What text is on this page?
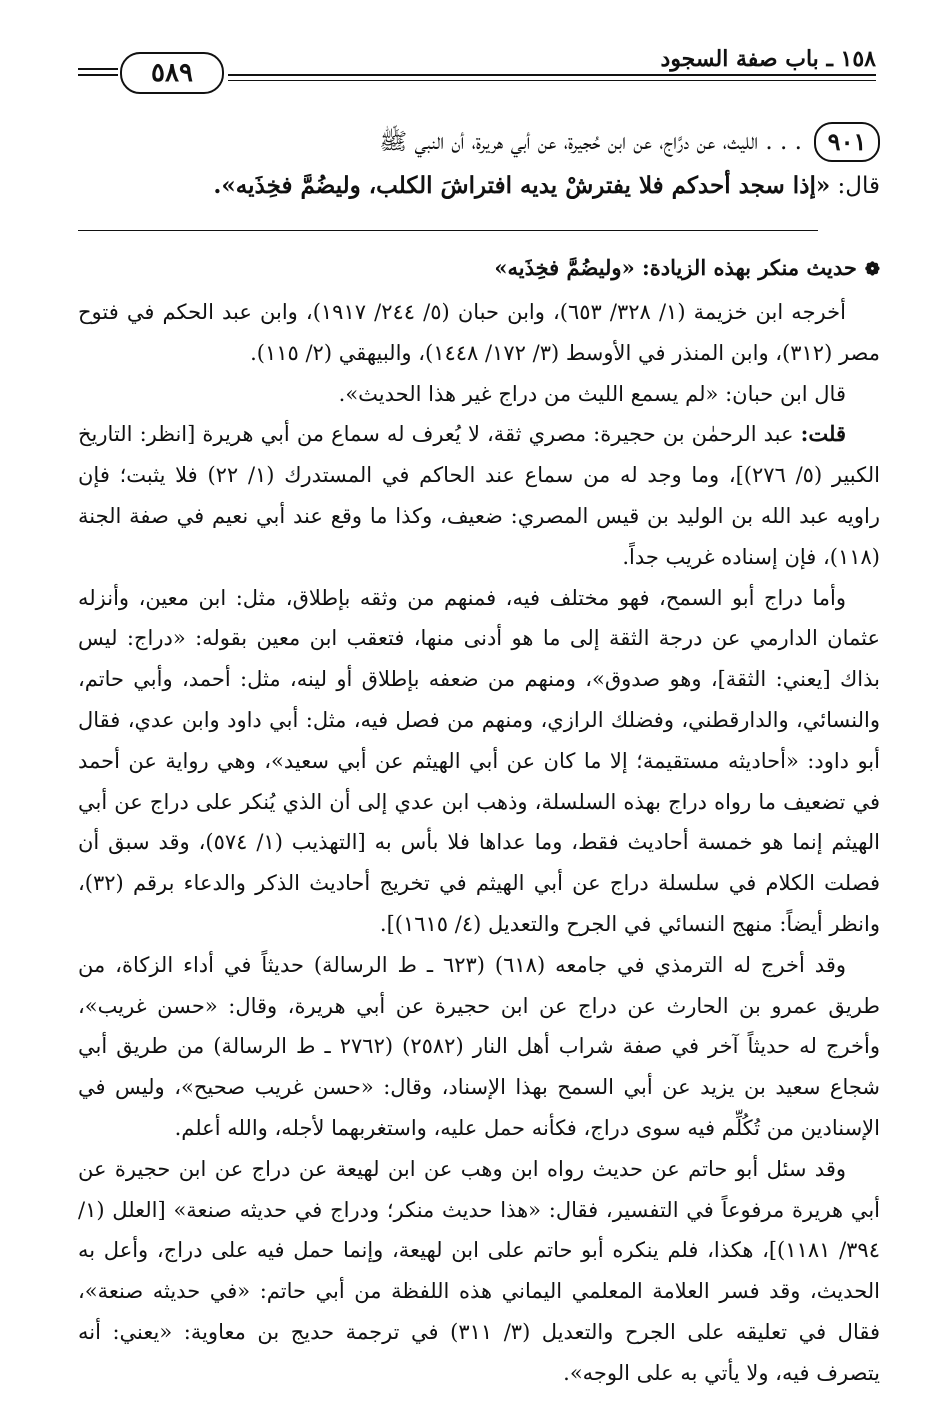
٥٨٩	١٥٨ ـ باب صفة السجود
٩٠١
. . . الليث، عن درَّاج، عن ابن حُجيرة، عن أبي هريرة، أن النبي ﷺ
قال: «إذا سجد أحدكم فلا يفترشْ يديه افتراشَ الكلب، وليضُمَّ فخِذَيه».

❁حديث منكر بهذه الزيادة: «وليضُمَّ فخِذَيه»

أخرجه ابن خزيمة (١/ ٣٢٨/ ٦٥٣)، وابن حبان (٥/ ٢٤٤/ ١٩١٧)، وابن عبد الحكم في فتوح مصر (٣١٢)، وابن المنذر في الأوسط (٣/ ١٧٢/ ١٤٤٨)، والبيهقي (٢/ ١١٥).

قال ابن حبان: «لم يسمع الليث من دراج غير هذا الحديث».

قلت: عبد الرحمٰن بن حجيرة: مصري ثقة، لا يُعرف له سماع من أبي هريرة [انظر: التاريخ الكبير (٥/ ٢٧٦)]، وما وجد له من سماع عند الحاكم في المستدرك (١/ ٢٢) فلا يثبت؛ فإن راويه عبد الله بن الوليد بن قيس المصري: ضعيف، وكذا ما وقع عند أبي نعيم في صفة الجنة (١١٨)، فإن إسناده غريب جداً.

وأما دراج أبو السمح، فهو مختلف فيه، فمنهم من وثقه بإطلاق، مثل: ابن معين، وأنزله عثمان الدارمي عن درجة الثقة إلى ما هو أدنى منها، فتعقب ابن معين بقوله: «دراج: ليس بذاك [يعني: الثقة]، وهو صدوق»، ومنهم من ضعفه بإطلاق أو لينه، مثل: أحمد، وأبي حاتم، والنسائي، والدارقطني، وفضلك الرازي، ومنهم من فصل فيه، مثل: أبي داود وابن عدي، فقال أبو داود: «أحاديثه مستقيمة؛ إلا ما كان عن أبي الهيثم عن أبي سعيد»، وهي رواية عن أحمد في تضعيف ما رواه دراج بهذه السلسلة، وذهب ابن عدي إلى أن الذي يُنكر على دراج عن أبي الهيثم إنما هو خمسة أحاديث فقط، وما عداها فلا بأس به [التهذيب (١/ ٥٧٤)، وقد سبق أن فصلت الكلام في سلسلة دراج عن أبي الهيثم في تخريج أحاديث الذكر والدعاء برقم (٣٢)، وانظر أيضاً: منهج النسائي في الجرح والتعديل (٤/ ١٦١٥)].

وقد أخرج له الترمذي في جامعه (٦١٨) (٦٢٣ ـ ط الرسالة) حديثاً في أداء الزكاة، من طريق عمرو بن الحارث عن دراج عن ابن حجيرة عن أبي هريرة، وقال: «حسن غريب»، وأخرج له حديثاً آخر في صفة شراب أهل النار (٢٥٨٢) (٢٧٦٢ ـ ط الرسالة) من طريق أبي شجاع سعيد بن يزيد عن أبي السمح بهذا الإسناد، وقال: «حسن غريب صحيح»، وليس في الإسنادين من تُكُلِّم فيه سوى دراج، فكأنه حمل عليه، واستغربهما لأجله، والله أعلم.

وقد سئل أبو حاتم عن حديث رواه ابن وهب عن ابن لهيعة عن دراج عن ابن حجيرة عن أبي هريرة مرفوعاً في التفسير، فقال: «هذا حديث منكر؛ ودراج في حديثه صنعة» [العلل (١/ ٣٩٤/ ١١٨١)]، هكذا، فلم ينكره أبو حاتم على ابن لهيعة، وإنما حمل فيه على دراج، وأعل به الحديث، وقد فسر العلامة المعلمي اليماني هذه اللفظة من أبي حاتم: «في حديثه صنعة»، فقال في تعليقه على الجرح والتعديل (٣/ ٣١١) في ترجمة حديج بن معاوية: «يعني: أنه يتصرف فيه، ولا يأتي به على الوجه».
